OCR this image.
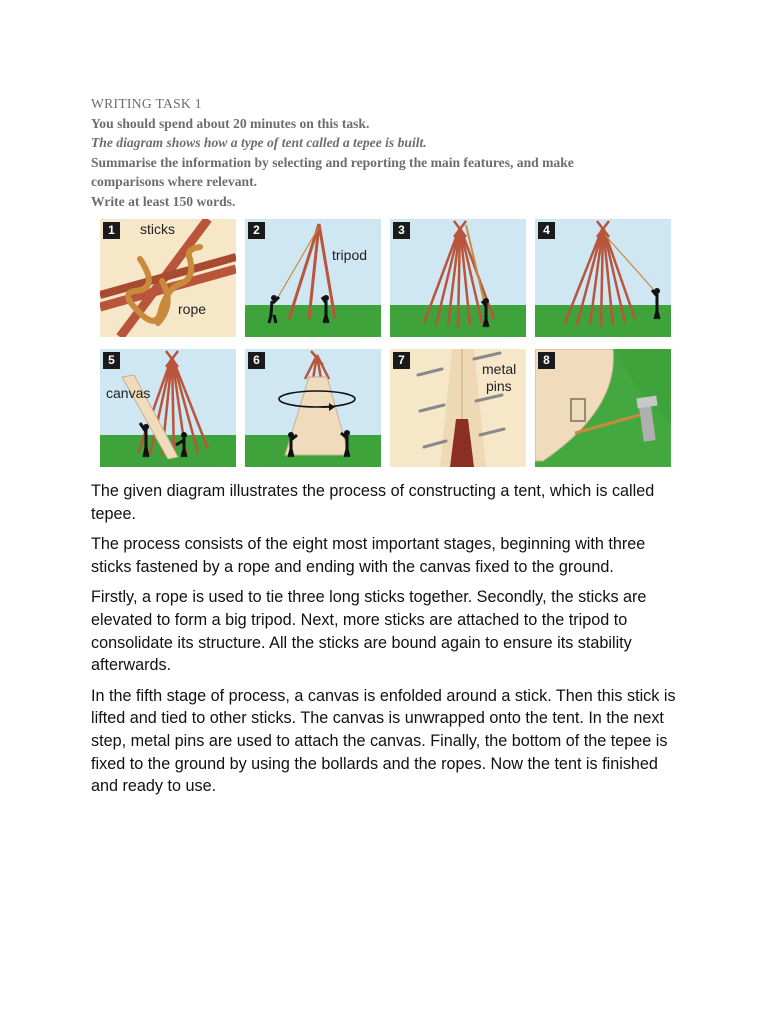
WRITING TASK 1
You should spend about 20 minutes on this task.
The diagram shows how a type of tent called a tepee is built.
Summarise the information by selecting and reporting the main features, and make
comparisons where relevant.
Write at least 150 words.
1	sticks
rope
2
tripod
3	4
5
canvas
6	7
metal
pins
8

The given diagram illustrates the process of constructing a tent, which is called tepee.

The process consists of the eight most important stages, beginning with three sticks fastened by a rope and ending with the canvas fixed to the ground.

Firstly, a rope is used to tie three long sticks together. Secondly, the sticks are elevated to form a big tripod. Next, more sticks are attached to the tripod to consolidate its structure. All the sticks are bound again to ensure its stability afterwards.

In the fifth stage of process, a canvas is enfolded around a stick. Then this stick is lifted and tied to other sticks. The canvas is unwrapped onto the tent. In the next step, metal pins are used to attach the canvas. Finally, the bottom of the tepee is fixed to the ground by using the bollards and the ropes. Now the tent is finished and ready to use.
